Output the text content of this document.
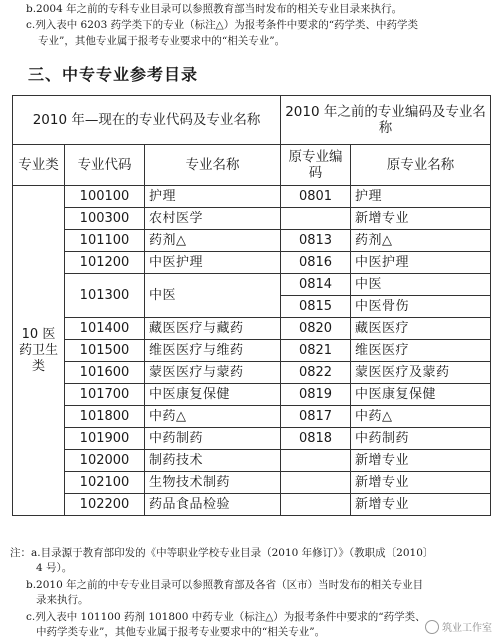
b.2004 年之前的专科专业目录可以参照教育部当时发布的相关专业目录来执行。
c.列入表中 6203 药学类下的专业（标注△）为报考条件中要求的“药学类、中药学类
专业”，其他专业属于报考专业要求中的“相关专业”。
三、中专专业参考目录
2010 年—现在的专业代码及专业名称			2010 年之前的专业编码及专业名称	
专业类	专业代码	专业名称	原专业编码	原专业名称
10 医药卫生类	100100	护理	0801	护理
	100300	农村医学		新增专业
	101100	药剂△	0813	药剂△
	101200	中医护理	0816	中医护理
	101300	中医	0814	中医
			0815	中医骨伤
	101400	藏医医疗与藏药	0820	藏医医疗
	101500	维医医疗与维药	0821	维医医疗
	101600	蒙医医疗与蒙药	0822	蒙医医疗及蒙药
	101700	中医康复保健	0819	中医康复保健
	101800	中药△	0817	中药△
	101900	中药制药	0818	中药制药
	102000	制药技术		新增专业
	102100	生物技术制药		新增专业
	102200	药品食品检验		新增专业
注：a.目录源于教育部印发的《中等职业学校专业目录（2010 年修订）》（教职成〔2010〕
4 号）。
b.2010 年之前的中专专业目录可以参照教育部及各省（区市）当时发布的相关专业目
录来执行。
c.列入表中 101100 药剂 101800 中药专业（标注△）为报考条件中要求的“药学类、
中药学类专业”，其他专业属于报考专业要求中的“相关专业”。	筑业工作室
